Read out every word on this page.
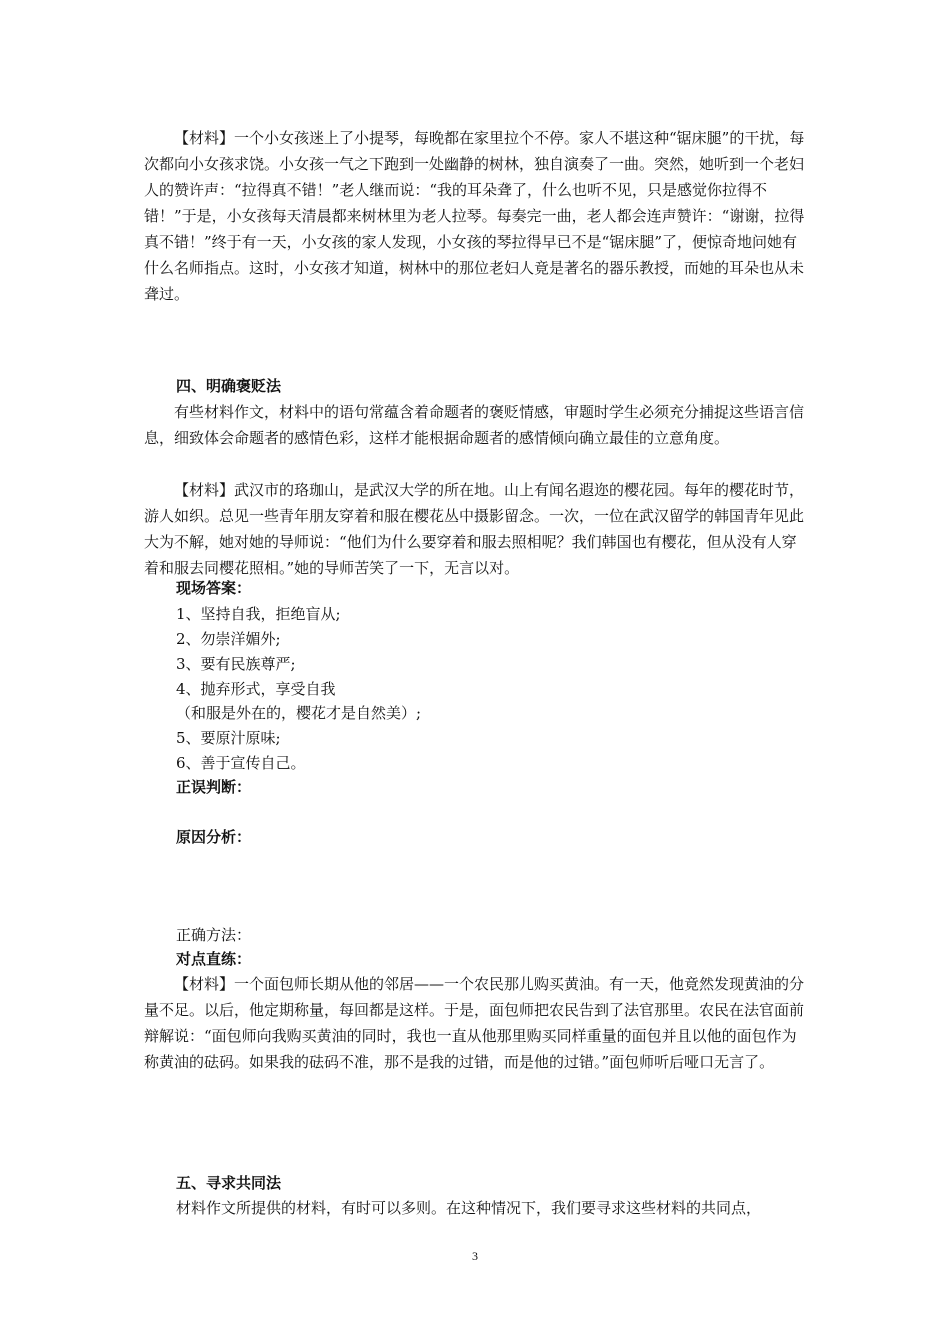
【材料】一个小女孩迷上了小提琴，每晚都在家里拉个不停。家人不堪这种“锯床腿”的干扰，每次都向小女孩求饶。小女孩一气之下跑到一处幽静的树林，独自演奏了一曲。突然，她听到一个老妇人的赞许声：“拉得真不错！”老人继而说：“我的耳朵聋了，什么也听不见，只是感觉你拉得不错！”于是，小女孩每天清晨都来树林里为老人拉琴。每奏完一曲，老人都会连声赞许：“谢谢，拉得真不错！”终于有一天，小女孩的家人发现，小女孩的琴拉得早已不是“锯床腿”了，便惊奇地问她有什么名师指点。这时，小女孩才知道，树林中的那位老妇人竟是著名的器乐教授，而她的耳朵也从未聋过。

四、明确褒贬法

有些材料作文，材料中的语句常蕴含着命题者的褒贬情感，审题时学生必须充分捕捉这些语言信息，细致体会命题者的感情色彩，这样才能根据命题者的感情倾向确立最佳的立意角度。

【材料】武汉市的珞珈山，是武汉大学的所在地。山上有闻名遐迩的樱花园。每年的樱花时节，游人如织。总见一些青年朋友穿着和服在樱花丛中摄影留念。一次，一位在武汉留学的韩国青年见此大为不解，她对她的导师说：“他们为什么要穿着和服去照相呢？我们韩国也有樱花，但从没有人穿着和服去同樱花照相。”她的导师苦笑了一下，无言以对。

现场答案：
1、坚持自我，拒绝盲从;
2、勿崇洋媚外;
3、要有民族尊严;
4、抛弃形式，享受自我
（和服是外在的，樱花才是自然美）;
5、要原汁原味;
6、善于宣传自己。
正误判断：
原因分析：
正确方法：
对点直练：

【材料】一个面包师长期从他的邻居——一个农民那儿购买黄油。有一天，他竟然发现黄油的分量不足。以后，他定期称量，每回都是这样。于是，面包师把农民告到了法官那里。农民在法官面前辩解说：“面包师向我购买黄油的同时，我也一直从他那里购买同样重量的面包并且以他的面包作为称黄油的砝码。如果我的砝码不准，那不是我的过错，而是他的过错。”面包师听后哑口无言了。

五、寻求共同法
材料作文所提供的材料，有时可以多则。在这种情况下，我们要寻求这些材料的共同点，
3
